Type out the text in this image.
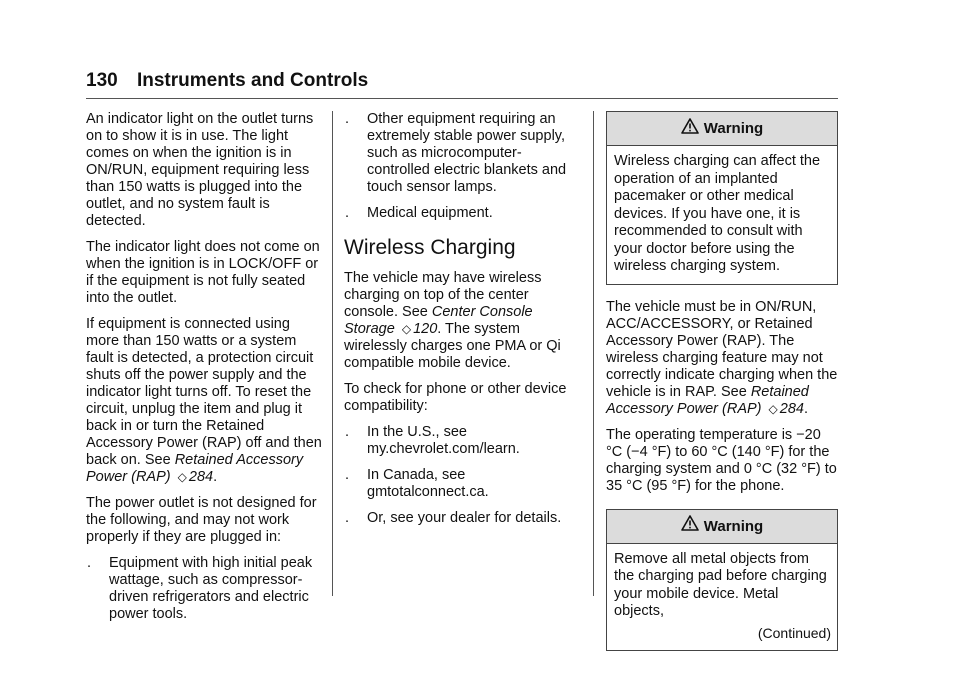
130 Instruments and Controls

An indicator light on the outlet turns on to show it is in use. The light comes on when the ignition is in ON/RUN, equipment requiring less than 150 watts is plugged into the outlet, and no system fault is detected.

The indicator light does not come on when the ignition is in LOCK/OFF or if the equipment is not fully seated into the outlet.

If equipment is connected using more than 150 watts or a system fault is detected, a protection circuit shuts off the power supply and the indicator light turns off. To reset the circuit, unplug the item and plug it back in or turn the Retained Accessory Power (RAP) off and then back on. See Retained Accessory Power (RAP) ◇ 284.

The power outlet is not designed for the following, and may not work properly if they are plugged in:

. Equipment with high initial peak wattage, such as compressor-driven refrigerators and electric power tools.
. Other equipment requiring an extremely stable power supply, such as microcomputer-controlled electric blankets and touch sensor lamps.
. Medical equipment.
Wireless Charging

The vehicle may have wireless charging on top of the center console. See Center Console Storage ◇ 120. The system wirelessly charges one PMA or Qi compatible mobile device.

To check for phone or other device compatibility:

. In the U.S., see my.chevrolet.com/learn.
. In Canada, see gmtotalconnect.ca.
. Or, see your dealer for details.
Warning
Wireless charging can affect the operation of an implanted pacemaker or other medical devices. If you have one, it is recommended to consult with your doctor before using the wireless charging system.

The vehicle must be in ON/RUN, ACC/ACCESSORY, or Retained Accessory Power (RAP). The wireless charging feature may not correctly indicate charging when the vehicle is in RAP. See Retained Accessory Power (RAP) ◇ 284.

The operating temperature is −20 °C (−4 °F) to 60 °C (140 °F) for the charging system and 0 °C (32 °F) to 35 °C (95 °F) for the phone.

Warning
Remove all metal objects from the charging pad before charging your mobile device. Metal objects,
(Continued)
